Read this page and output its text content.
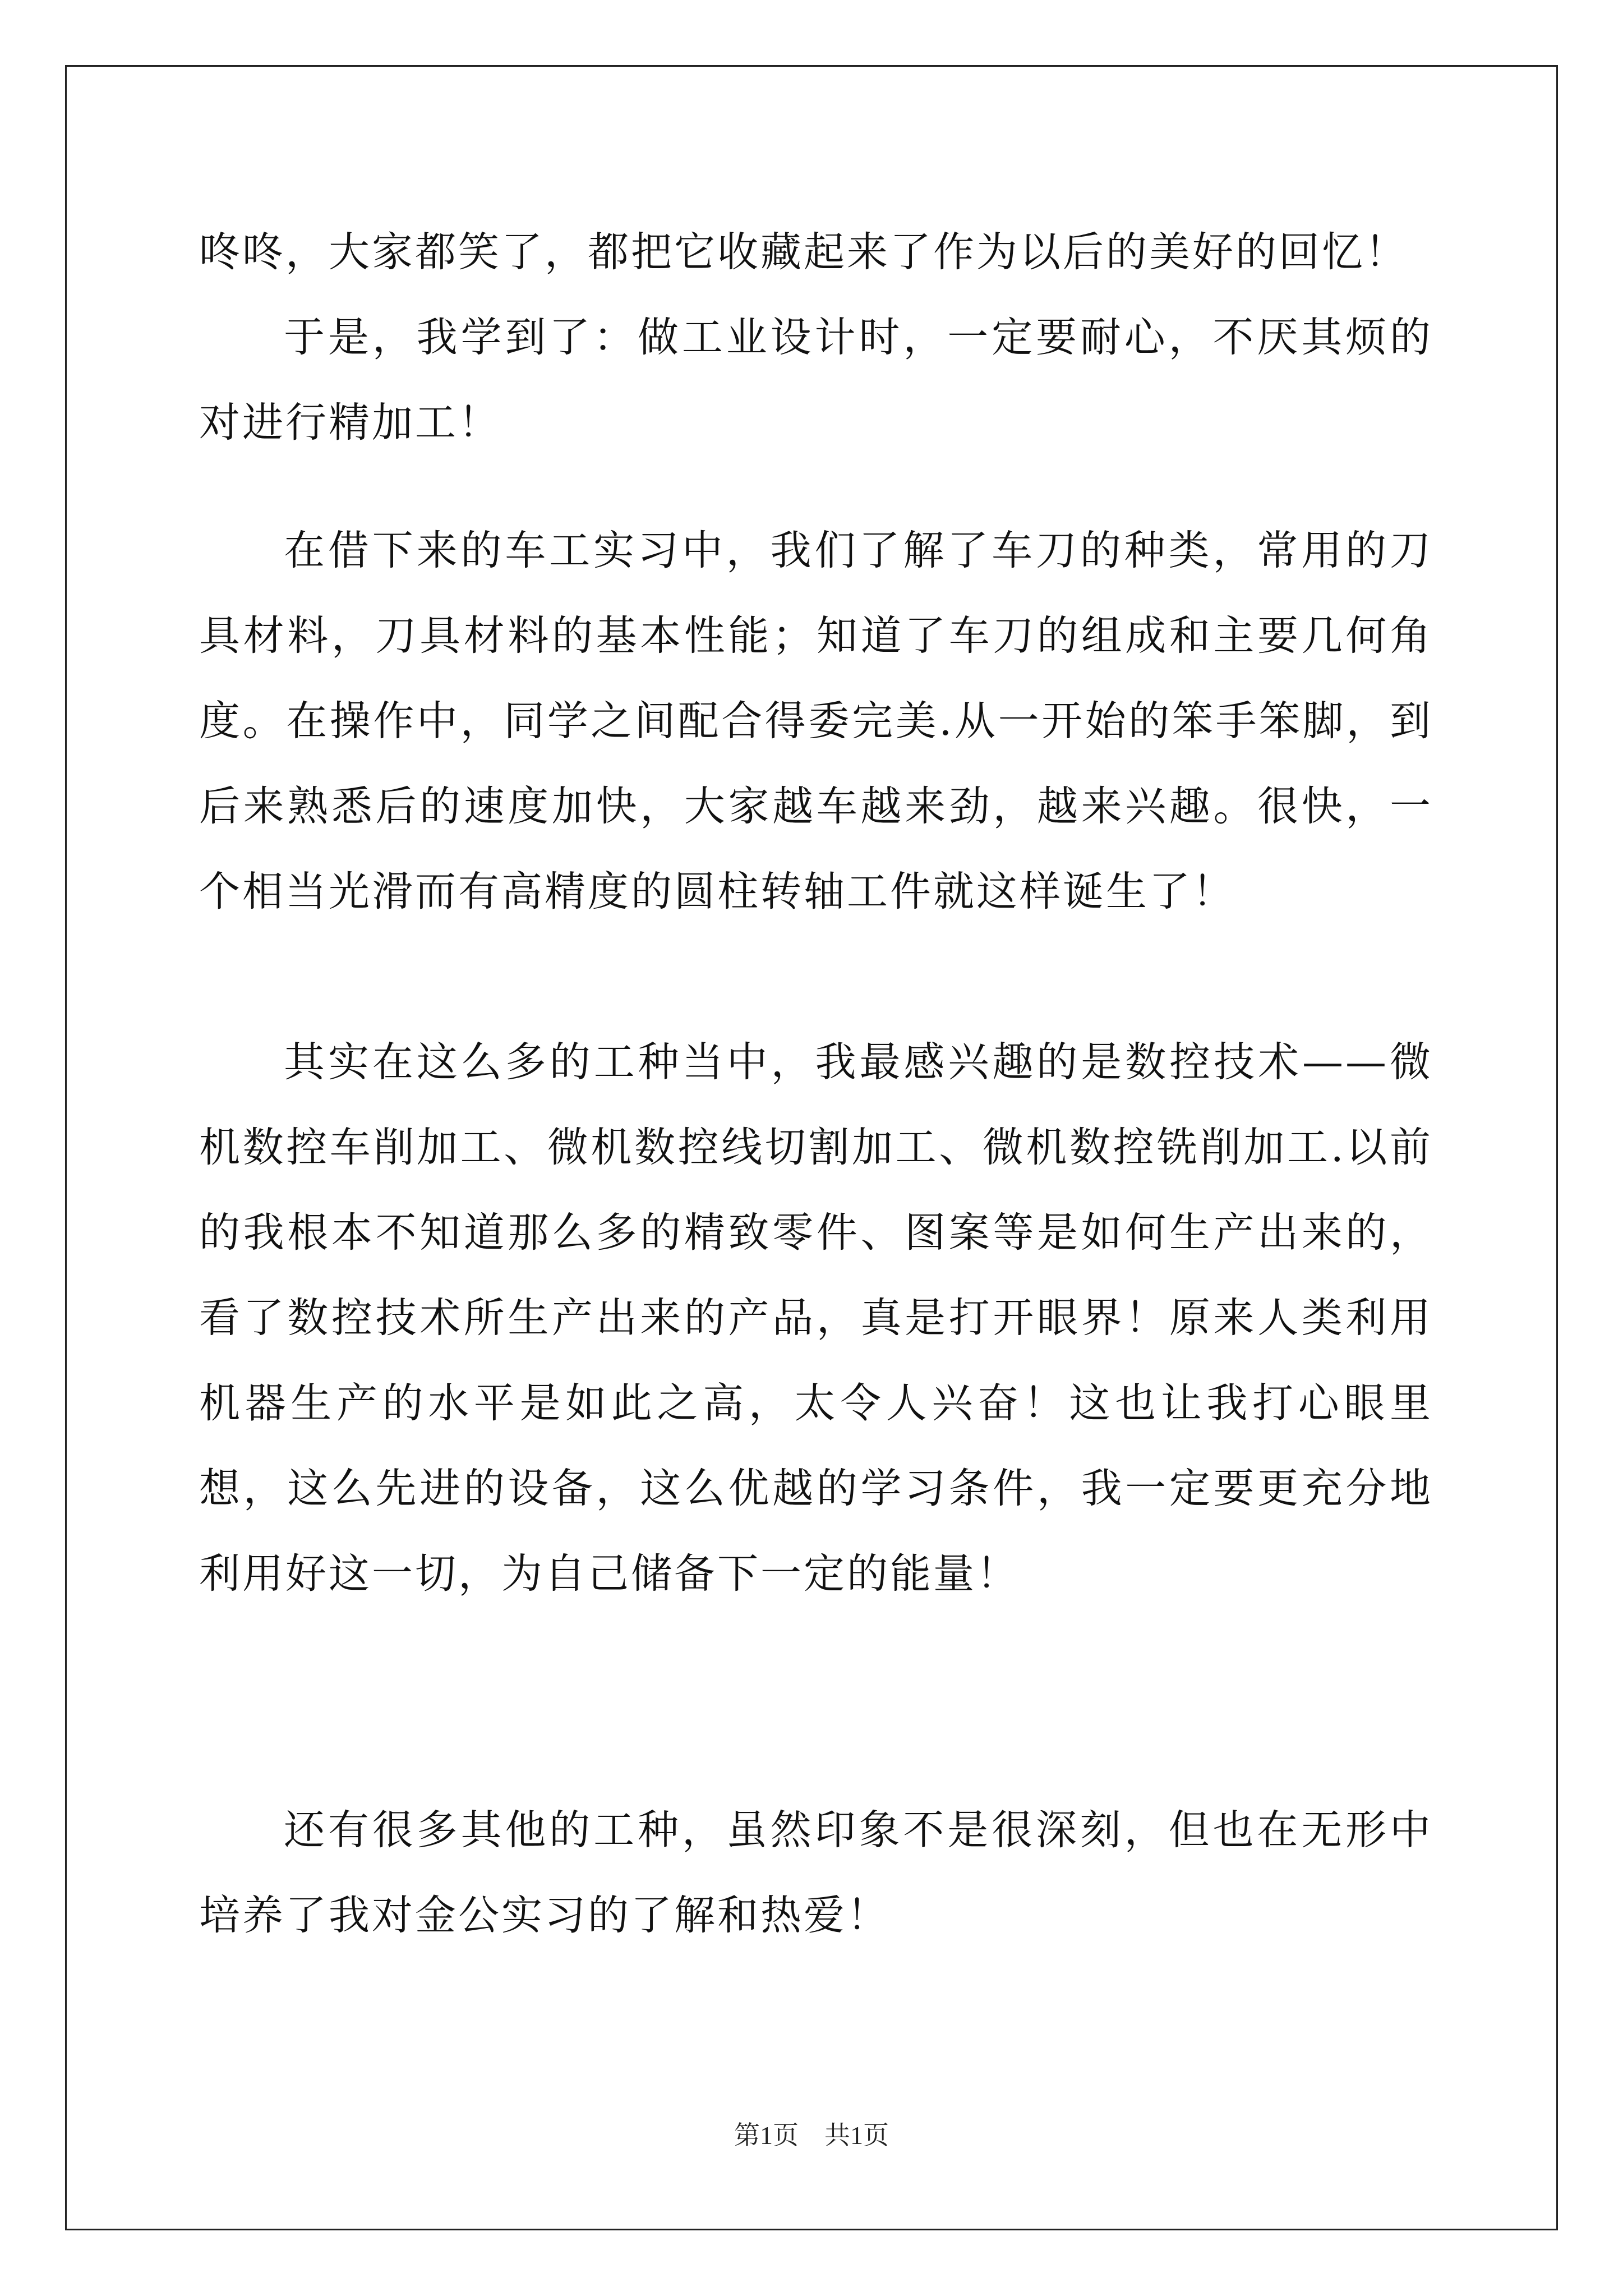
咚咚，大家都笑了，都把它收藏起来了作为以后的美好的回忆！

于是，我学到了：做工业设计时，一定要耐心，不厌其烦的对进行精加工！

在借下来的车工实习中，我们了解了车刀的种类，常用的刀具材料，刀具材料的基本性能；知道了车刀的组成和主要几何角度。在操作中，同学之间配合得委完美.从一开始的笨手笨脚，到后来熟悉后的速度加快，大家越车越来劲，越来兴趣。很快，一个相当光滑而有高精度的圆柱转轴工件就这样诞生了！

其实在这么多的工种当中，我最感兴趣的是数控技术——微机数控车削加工、微机数控线切割加工、微机数控铣削加工.以前的我根本不知道那么多的精致零件、图案等是如何生产出来的，看了数控技术所生产出来的产品，真是打开眼界！原来人类利用机器生产的水平是如此之高，太令人兴奋！这也让我打心眼里想，这么先进的设备，这么优越的学习条件，我一定要更充分地利用好这一切，为自己储备下一定的能量！

还有很多其他的工种，虽然印象不是很深刻，但也在无形中培养了我对金公实习的了解和热爱！

第1页　共1页
